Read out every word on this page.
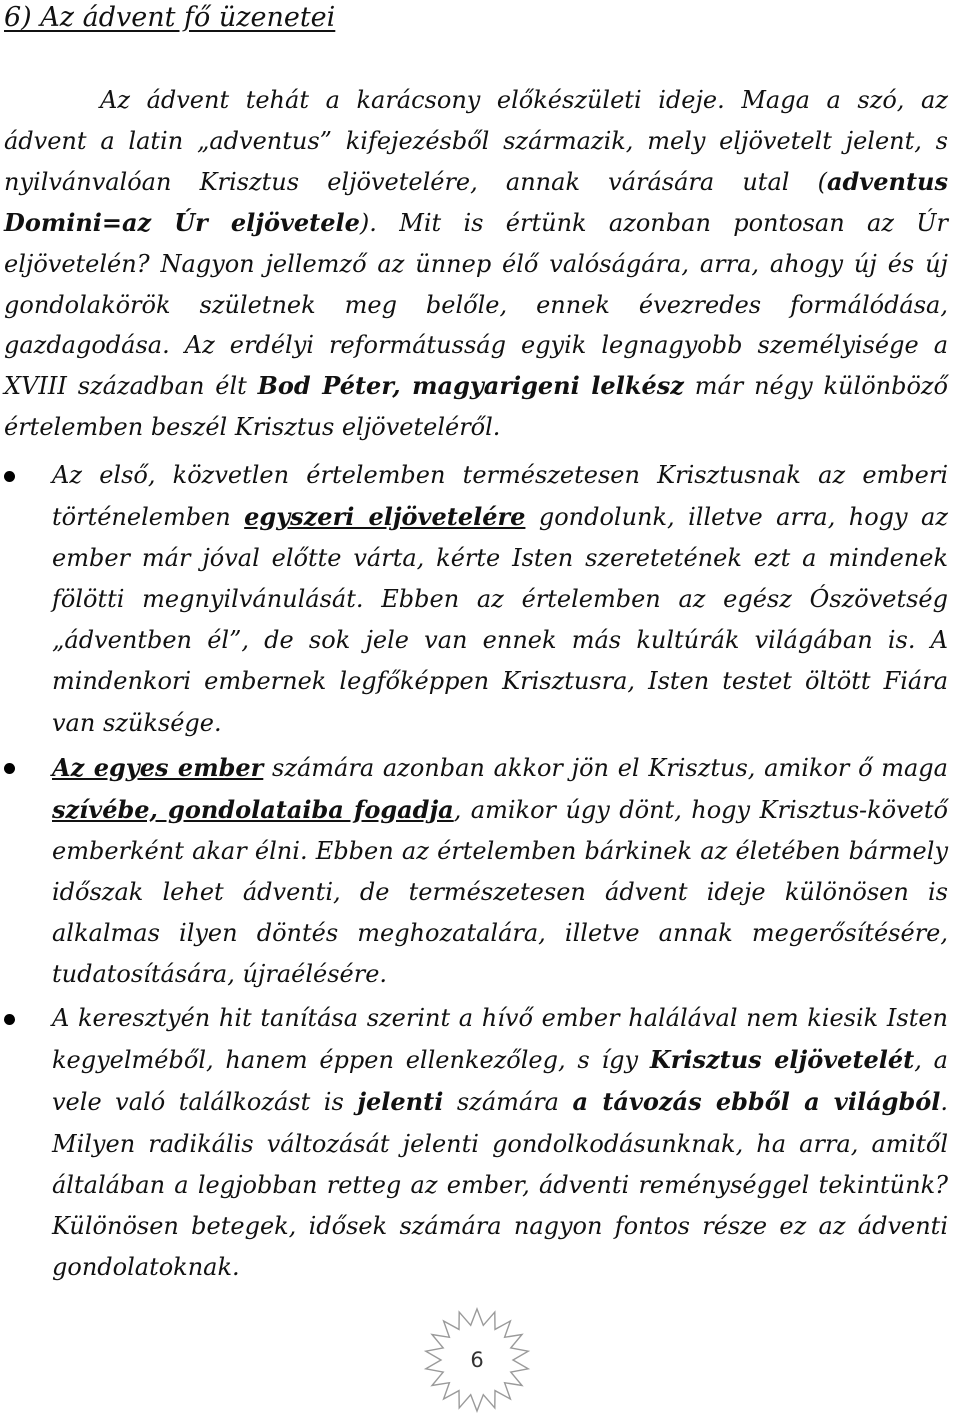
6) Az ádvent fő üzenetei

Az ádvent tehát a karácsony előkészületi ideje. Maga a szó, az ádvent a latin „adventus” kifejezésből származik, mely eljövetelt jelent, s nyilvánvalóan Krisztus eljövetelére, annak várására utal (adventus Domini=az Úr eljövetele). Mit is értünk azonban pontosan az Úr eljövetelén? Nagyon jellemző az ünnep élő valóságára, arra, ahogy új és új gondolakörök születnek meg belőle, ennek évezredes formálódása, gazdagodása. Az erdélyi reformátusság egyik legnagyobb személyisége a XVIII században élt Bod Péter, magyarigeni lelkész már négy különböző értelemben beszél Krisztus eljöveteléről.

Az első, közvetlen értelemben természetesen Krisztusnak az emberi történelemben egyszeri eljövetelére gondolunk, illetve arra, hogy az ember már jóval előtte várta, kérte Isten szeretetének ezt a mindenek fölötti megnyilvánulását. Ebben az értelemben az egész Ószövetség „ádventben él”, de sok jele van ennek más kultúrák világában is. A mindenkori embernek legfőképpen Krisztusra, Isten testet öltött Fiára van szüksége.
Az egyes ember számára azonban akkor jön el Krisztus, amikor ő maga szívébe, gondolataiba fogadja, amikor úgy dönt, hogy Krisztus-követő emberként akar élni. Ebben az értelemben bárkinek az életében bármely időszak lehet ádventi, de természetesen ádvent ideje különösen is alkalmas ilyen döntés meghozatalára, illetve annak megerősítésére, tudatosítására, újraélésére.
A keresztyén hit tanítása szerint a hívő ember halálával nem kiesik Isten kegyelméből, hanem éppen ellenkezőleg, s így Krisztus eljövetelét, a vele való találkozást is jelenti számára a távozás ebből a világból. Milyen radikális változását jelenti gondolkodásunknak, ha arra, amitől általában a legjobban retteg az ember, ádventi reménységgel tekintünk? Különösen betegek, idősek számára nagyon fontos része ez az ádventi gondolatoknak.
6
